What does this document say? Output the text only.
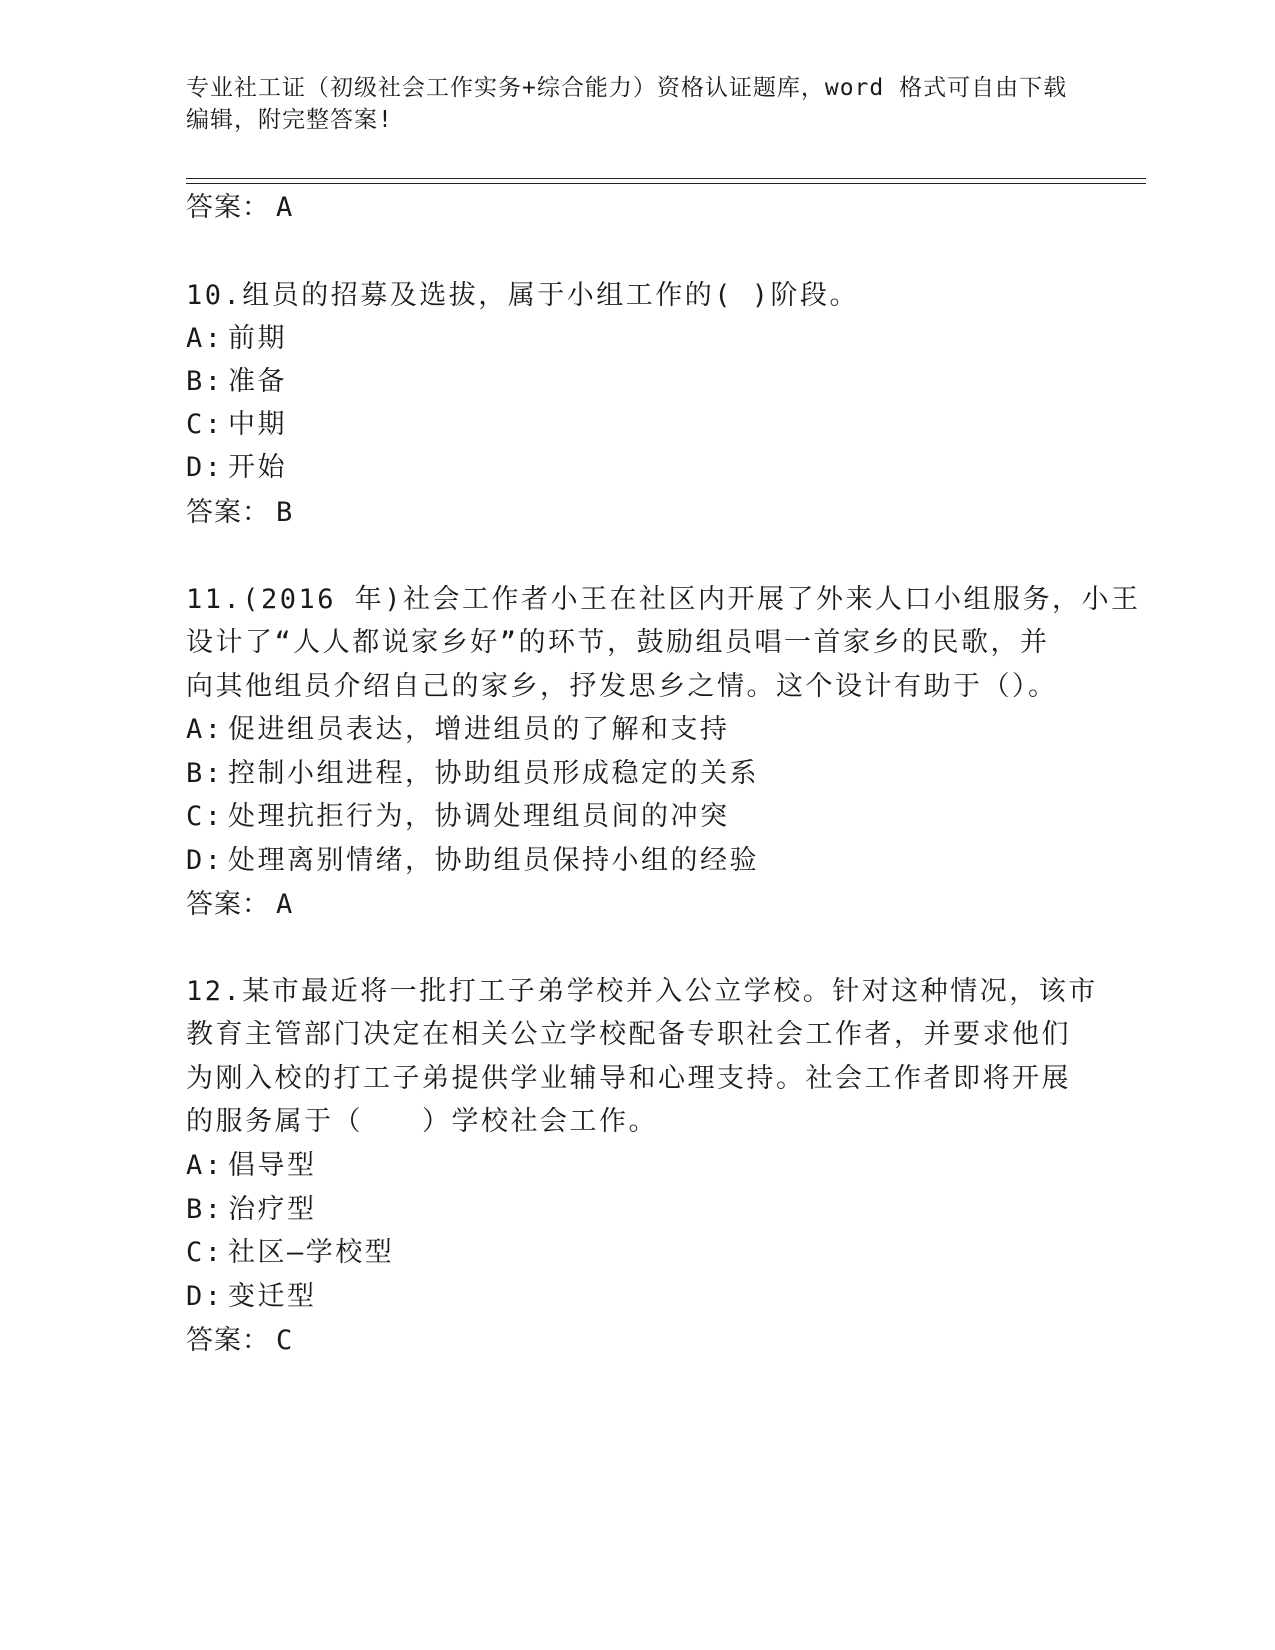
专业社工证（初级社会工作实务+综合能力）资格认证题库，word 格式可自由下载
编辑，附完整答案!
答案： A
10.组员的招募及选拔，属于小组工作的( )阶段。
A: 前期
B: 准备
C: 中期
D: 开始
答案： B
11.(2016 年)社会工作者小王在社区内开展了外来人口小组服务，小王
设计了“人人都说家乡好”的环节，鼓励组员唱一首家乡的民歌，并
向其他组员介绍自己的家乡，抒发思乡之情。这个设计有助于（）。
A: 促进组员表达，增进组员的了解和支持
B: 控制小组进程，协助组员形成稳定的关系
C: 处理抗拒行为，协调处理组员间的冲突
D: 处理离别情绪，协助组员保持小组的经验
答案： A
12.某市最近将一批打工子弟学校并入公立学校。针对这种情况，该市
教育主管部门决定在相关公立学校配备专职社会工作者，并要求他们
为刚入校的打工子弟提供学业辅导和心理支持。社会工作者即将开展
的服务属于（　　）学校社会工作。
A: 倡导型
B: 治疗型
C: 社区—学校型
D: 变迁型
答案： C
